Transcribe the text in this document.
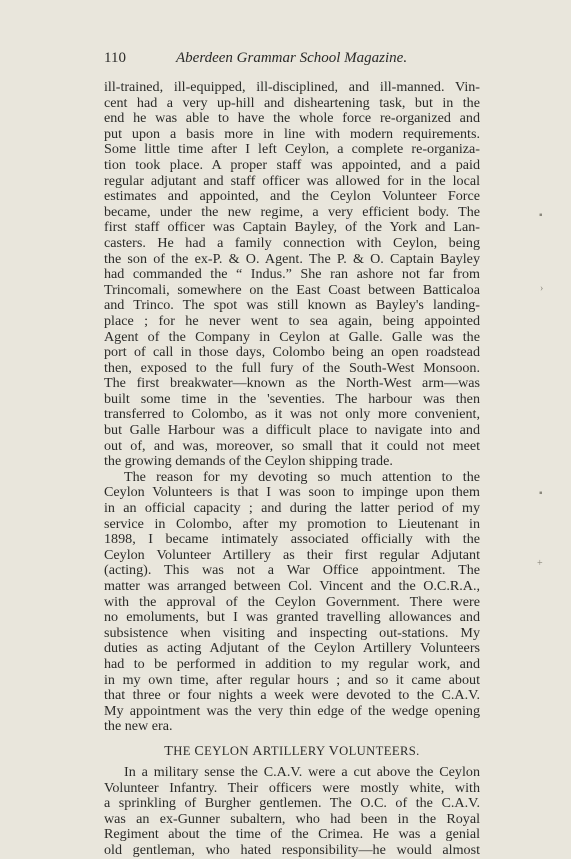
110	Aberdeen Grammar School Magazine.
ill-trained, ill-equipped, ill-disciplined, and ill-manned. Vin-
cent had a very up-hill and disheartening task, but in the
end he was able to have the whole force re-organized and
put upon a basis more in line with modern requirements.
Some little time after I left Ceylon, a complete re-organiza-
tion took place. A proper staff was appointed, and a paid
regular adjutant and staff officer was allowed for in the local
estimates and appointed, and the Ceylon Volunteer Force
became, under the new regime, a very efficient body. The
first staff officer was Captain Bayley, of the York and Lan-
casters. He had a family connection with Ceylon, being
the son of the ex-P. & O. Agent. The P. & O. Captain Bayley
had commanded the “ Indus.” She ran ashore not far from
Trincomali, somewhere on the East Coast between Batticaloa
and Trinco. The spot was still known as Bayley's landing-
place ; for he never went to sea again, being appointed
Agent of the Company in Ceylon at Galle. Galle was the
port of call in those days, Colombo being an open roadstead
then, exposed to the full fury of the South-West Monsoon.
The first breakwater—known as the North-West arm—was
built some time in the 'seventies. The harbour was then
transferred to Colombo, as it was not only more convenient,
but Galle Harbour was a difficult place to navigate into and
out of, and was, moreover, so small that it could not meet
the growing demands of the Ceylon shipping trade.
The reason for my devoting so much attention to the
Ceylon Volunteers is that I was soon to impinge upon them
in an official capacity ; and during the latter period of my
service in Colombo, after my promotion to Lieutenant in
1898, I became intimately associated officially with the
Ceylon Volunteer Artillery as their first regular Adjutant
(acting). This was not a War Office appointment. The
matter was arranged between Col. Vincent and the O.C.R.A.,
with the approval of the Ceylon Government. There were
no emoluments, but I was granted travelling allowances and
subsistence when visiting and inspecting out-stations. My
duties as acting Adjutant of the Ceylon Artillery Volunteers
had to be performed in addition to my regular work, and
in my own time, after regular hours ; and so it came about
that three or four nights a week were devoted to the C.A.V.
My appointment was the very thin edge of the wedge opening
the new era.
THE CEYLON ARTILLERY VOLUNTEERS.
In a military sense the C.A.V. were a cut above the Ceylon
Volunteer Infantry. Their officers were mostly white, with
a sprinkling of Burgher gentlemen. The O.C. of the C.A.V.
was an ex-Gunner subaltern, who had been in the Royal
Regiment about the time of the Crimea. He was a genial
old gentleman, who hated responsibility—he would almost
▪
›
▪
+
